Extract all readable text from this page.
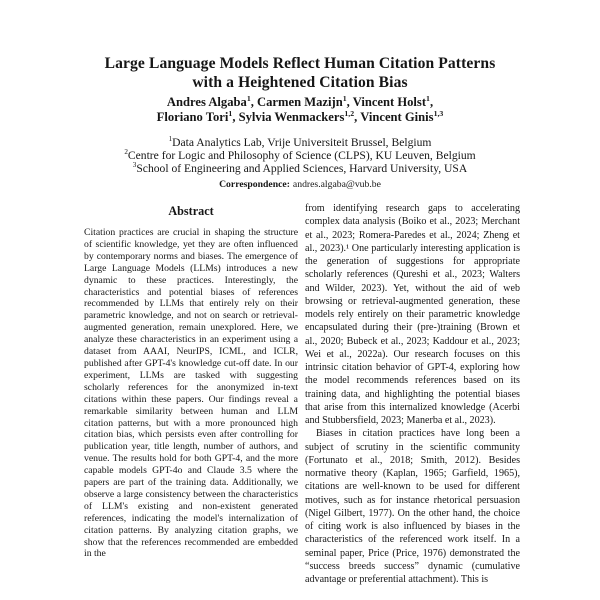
Large Language Models Reflect Human Citation Patterns
with a Heightened Citation Bias
Andres Algaba$^1$, Carmen Mazijn$^1$, Vincent Holst$^1$,
Floriano Tori$^1$, Sylvia Wenmackers$^{1,2}$, Vincent Ginis$^{1,3}$
$^1$Data Analytics Lab, Vrije Universiteit Brussel, Belgium
$^2$Centre for Logic and Philosophy of Science (CLPS), KU Leuven, Belgium
$^3$School of Engineering and Applied Sciences, Harvard University, USA
Correspondence: andres.algaba@vub.be
Abstract

Citation practices are crucial in shaping the structure of scientific knowledge, yet they are often influenced by contemporary norms and biases. The emergence of Large Language Models (LLMs) introduces a new dynamic to these practices. Interestingly, the characteristics and potential biases of references recommended by LLMs that entirely rely on their parametric knowledge, and not on search or retrieval-augmented generation, remain unexplored. Here, we analyze these characteristics in an experiment using a dataset from AAAI, NeurIPS, ICML, and ICLR, published after GPT-4's knowledge cut-off date. In our experiment, LLMs are tasked with suggesting scholarly references for the anonymized in-text citations within these papers. Our findings reveal a remarkable similarity between human and LLM citation patterns, but with a more pronounced high citation bias, which persists even after controlling for publication year, title length, number of authors, and venue. The results hold for both GPT-4, and the more capable models GPT-4o and Claude 3.5 where the papers are part of the training data. Additionally, we observe a large consistency between the characteristics of LLM's existing and non-existent generated references, indicating the model's internalization of citation patterns. By analyzing citation graphs, we show that the references recommended are embedded in the

from identifying research gaps to accelerating complex data analysis (Boiko et al., 2023; Merchant et al., 2023; Romera-Paredes et al., 2024; Zheng et al., 2023).¹ One particularly interesting application is the generation of suggestions for appropriate scholarly references (Qureshi et al., 2023; Walters and Wilder, 2023). Yet, without the aid of web browsing or retrieval-augmented generation, these models rely entirely on their parametric knowledge encapsulated during their (pre-)training (Brown et al., 2020; Bubeck et al., 2023; Kaddour et al., 2023; Wei et al., 2022a). Our research focuses on this intrinsic citation behavior of GPT-4, exploring how the model recommends references based on its training data, and highlighting the potential biases that arise from this internalized knowledge (Acerbi and Stubbersfield, 2023; Manerba et al., 2023).

Biases in citation practices have long been a subject of scrutiny in the scientific community (Fortunato et al., 2018; Smith, 2012). Besides normative theory (Kaplan, 1965; Garfield, 1965), citations are well-known to be used for different motives, such as for instance rhetorical persuasion (Nigel Gilbert, 1977). On the other hand, the choice of citing work is also influenced by biases in the characteristics of the referenced work itself. In a seminal paper, Price (Price, 1976) demonstrated the “success breeds success” dynamic (cumulative advantage or preferential attachment). This is
